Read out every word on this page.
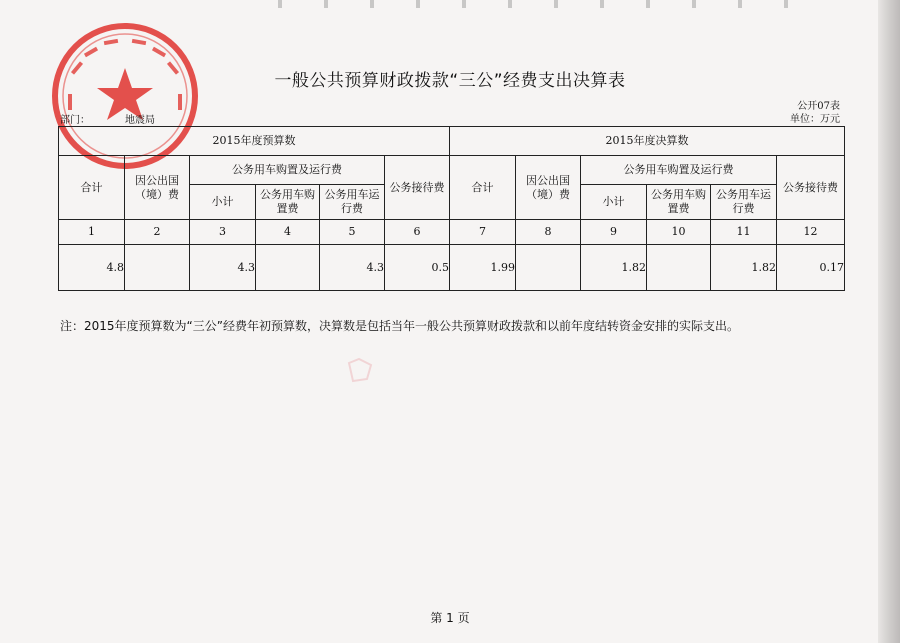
一般公共预算财政拨款“三公”经费支出决算表
公开07表
单位：万元
部门：	地震局
2015年度预算数						2015年度决算数					
合计	因公出国（境）费	公务用车购置及运行费			公务接待费	合计	因公出国（境）费	公务用车购置及运行费			公务接待费
		小计	公务用车购置费	公务用车运行费				小计	公务用车购置费	公务用车运行费	
1	2	3	4	5	6	7	8	9	10	11	12
4.8		4.3		4.3	0.5	1.99		1.82		1.82	0.17
注：2015年度预算数为“三公”经费年初预算数，决算数是包括当年一般公共预算财政拨款和以前年度结转资金安排的实际支出。
第 1 页
